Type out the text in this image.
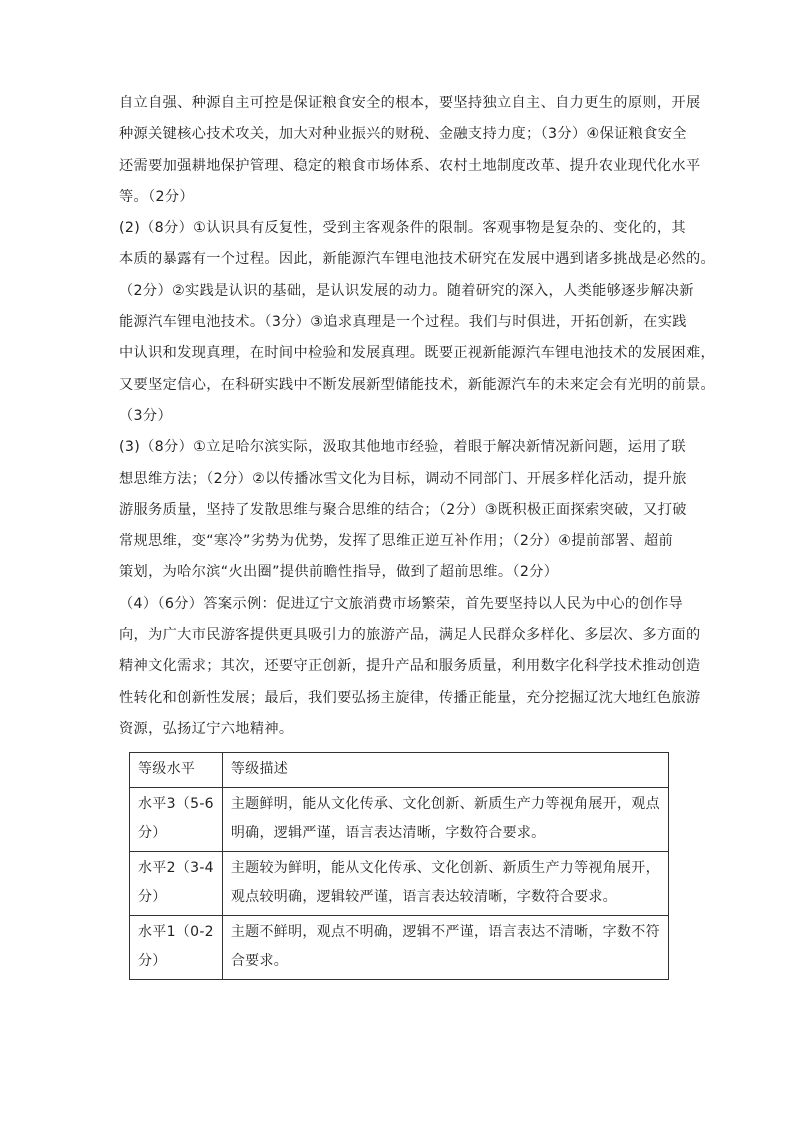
自立自强、种源自主可控是保证粮食安全的根本，要坚持独立自主、自力更生的原则，开展
种源关键核心技术攻关，加大对种业振兴的财税、金融支持力度；（3分）④保证粮食安全
还需要加强耕地保护管理、稳定的粮食市场体系、农村土地制度改革、提升农业现代化水平
等。（2分）

(2)（8分）①认识具有反复性，受到主客观条件的限制。客观事物是复杂的、变化的，其
本质的暴露有一个过程。因此，新能源汽车锂电池技术研究在发展中遇到诸多挑战是必然的。
（2分）②实践是认识的基础，是认识发展的动力。随着研究的深入，人类能够逐步解决新
能源汽车锂电池技术。（3分）③追求真理是一个过程。我们与时俱进，开拓创新，在实践
中认识和发现真理，在时间中检验和发展真理。既要正视新能源汽车锂电池技术的发展困难，
又要坚定信心，在科研实践中不断发展新型储能技术，新能源汽车的未来定会有光明的前景。
（3分）

(3)（8分）①立足哈尔滨实际，汲取其他地市经验，着眼于解决新情况新问题，运用了联
想思维方法；（2分）②以传播冰雪文化为目标，调动不同部门、开展多样化活动，提升旅
游服务质量，坚持了发散思维与聚合思维的结合；（2分）③既积极正面探索突破，又打破
常规思维，变“寒冷”劣势为优势，发挥了思维正逆互补作用；（2分）④提前部署、超前
策划，为哈尔滨“火出圈”提供前瞻性指导，做到了超前思维。（2分）

（4）（6分）答案示例：促进辽宁文旅消费市场繁荣，首先要坚持以人民为中心的创作导
向，为广大市民游客提供更具吸引力的旅游产品，满足人民群众多样化、多层次、多方面的
精神文化需求；其次，还要守正创新，提升产品和服务质量，利用数字化科学技术推动创造
性转化和创新性发展；最后，我们要弘扬主旋律，传播正能量，充分挖掘辽沈大地红色旅游
资源，弘扬辽宁六地精神。

等级水平	等级描述

水平3（5-6
分）	主题鲜明，能从文化传承、文化创新、新质生产力等视角展开，观点
明确，逻辑严谨，语言表达清晰，字数符合要求。

水平2（3-4
分）	主题较为鲜明，能从文化传承、文化创新、新质生产力等视角展开，
观点较明确，逻辑较严谨，语言表达较清晰，字数符合要求。

水平1（0-2
分）	主题不鲜明，观点不明确，逻辑不严谨，语言表达不清晰，字数不符
合要求。
